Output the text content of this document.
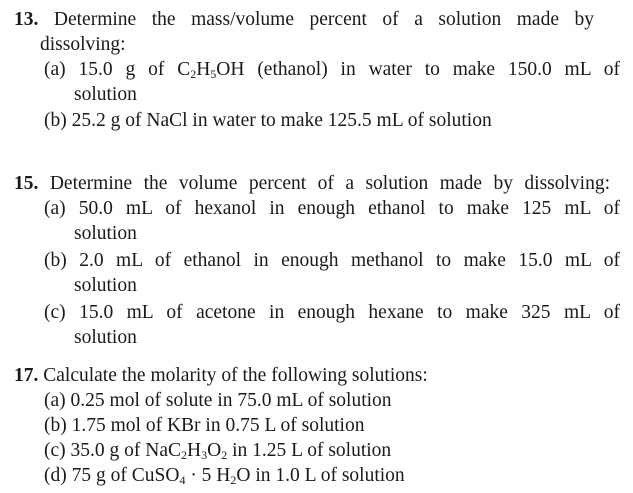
13. Determine the mass/volume percent of a solution made by
dissolving:
(a) 15.0 g of $C_2H_5OH$ (ethanol) in water to make 150.0 mL of
solution
(b) 25.2 g of NaCl in water to make 125.5 mL of solution
15. Determine the volume percent of a solution made by dissolving:
(a) 50.0 mL of hexanol in enough ethanol to make 125 mL of
solution
(b) 2.0 mL of ethanol in enough methanol to make 15.0 mL of
solution
(c) 15.0 mL of acetone in enough hexane to make 325 mL of
solution
17. Calculate the molarity of the following solutions:
(a) 0.25 mol of solute in 75.0 mL of solution
(b) 1.75 mol of KBr in 0.75 L of solution
(c) 35.0 g of $NaC_2H_3O_2$ in 1.25 L of solution
(d) 75 g of CuSO$_4$ · 5 $H_2O$ in 1.0 L of solution
